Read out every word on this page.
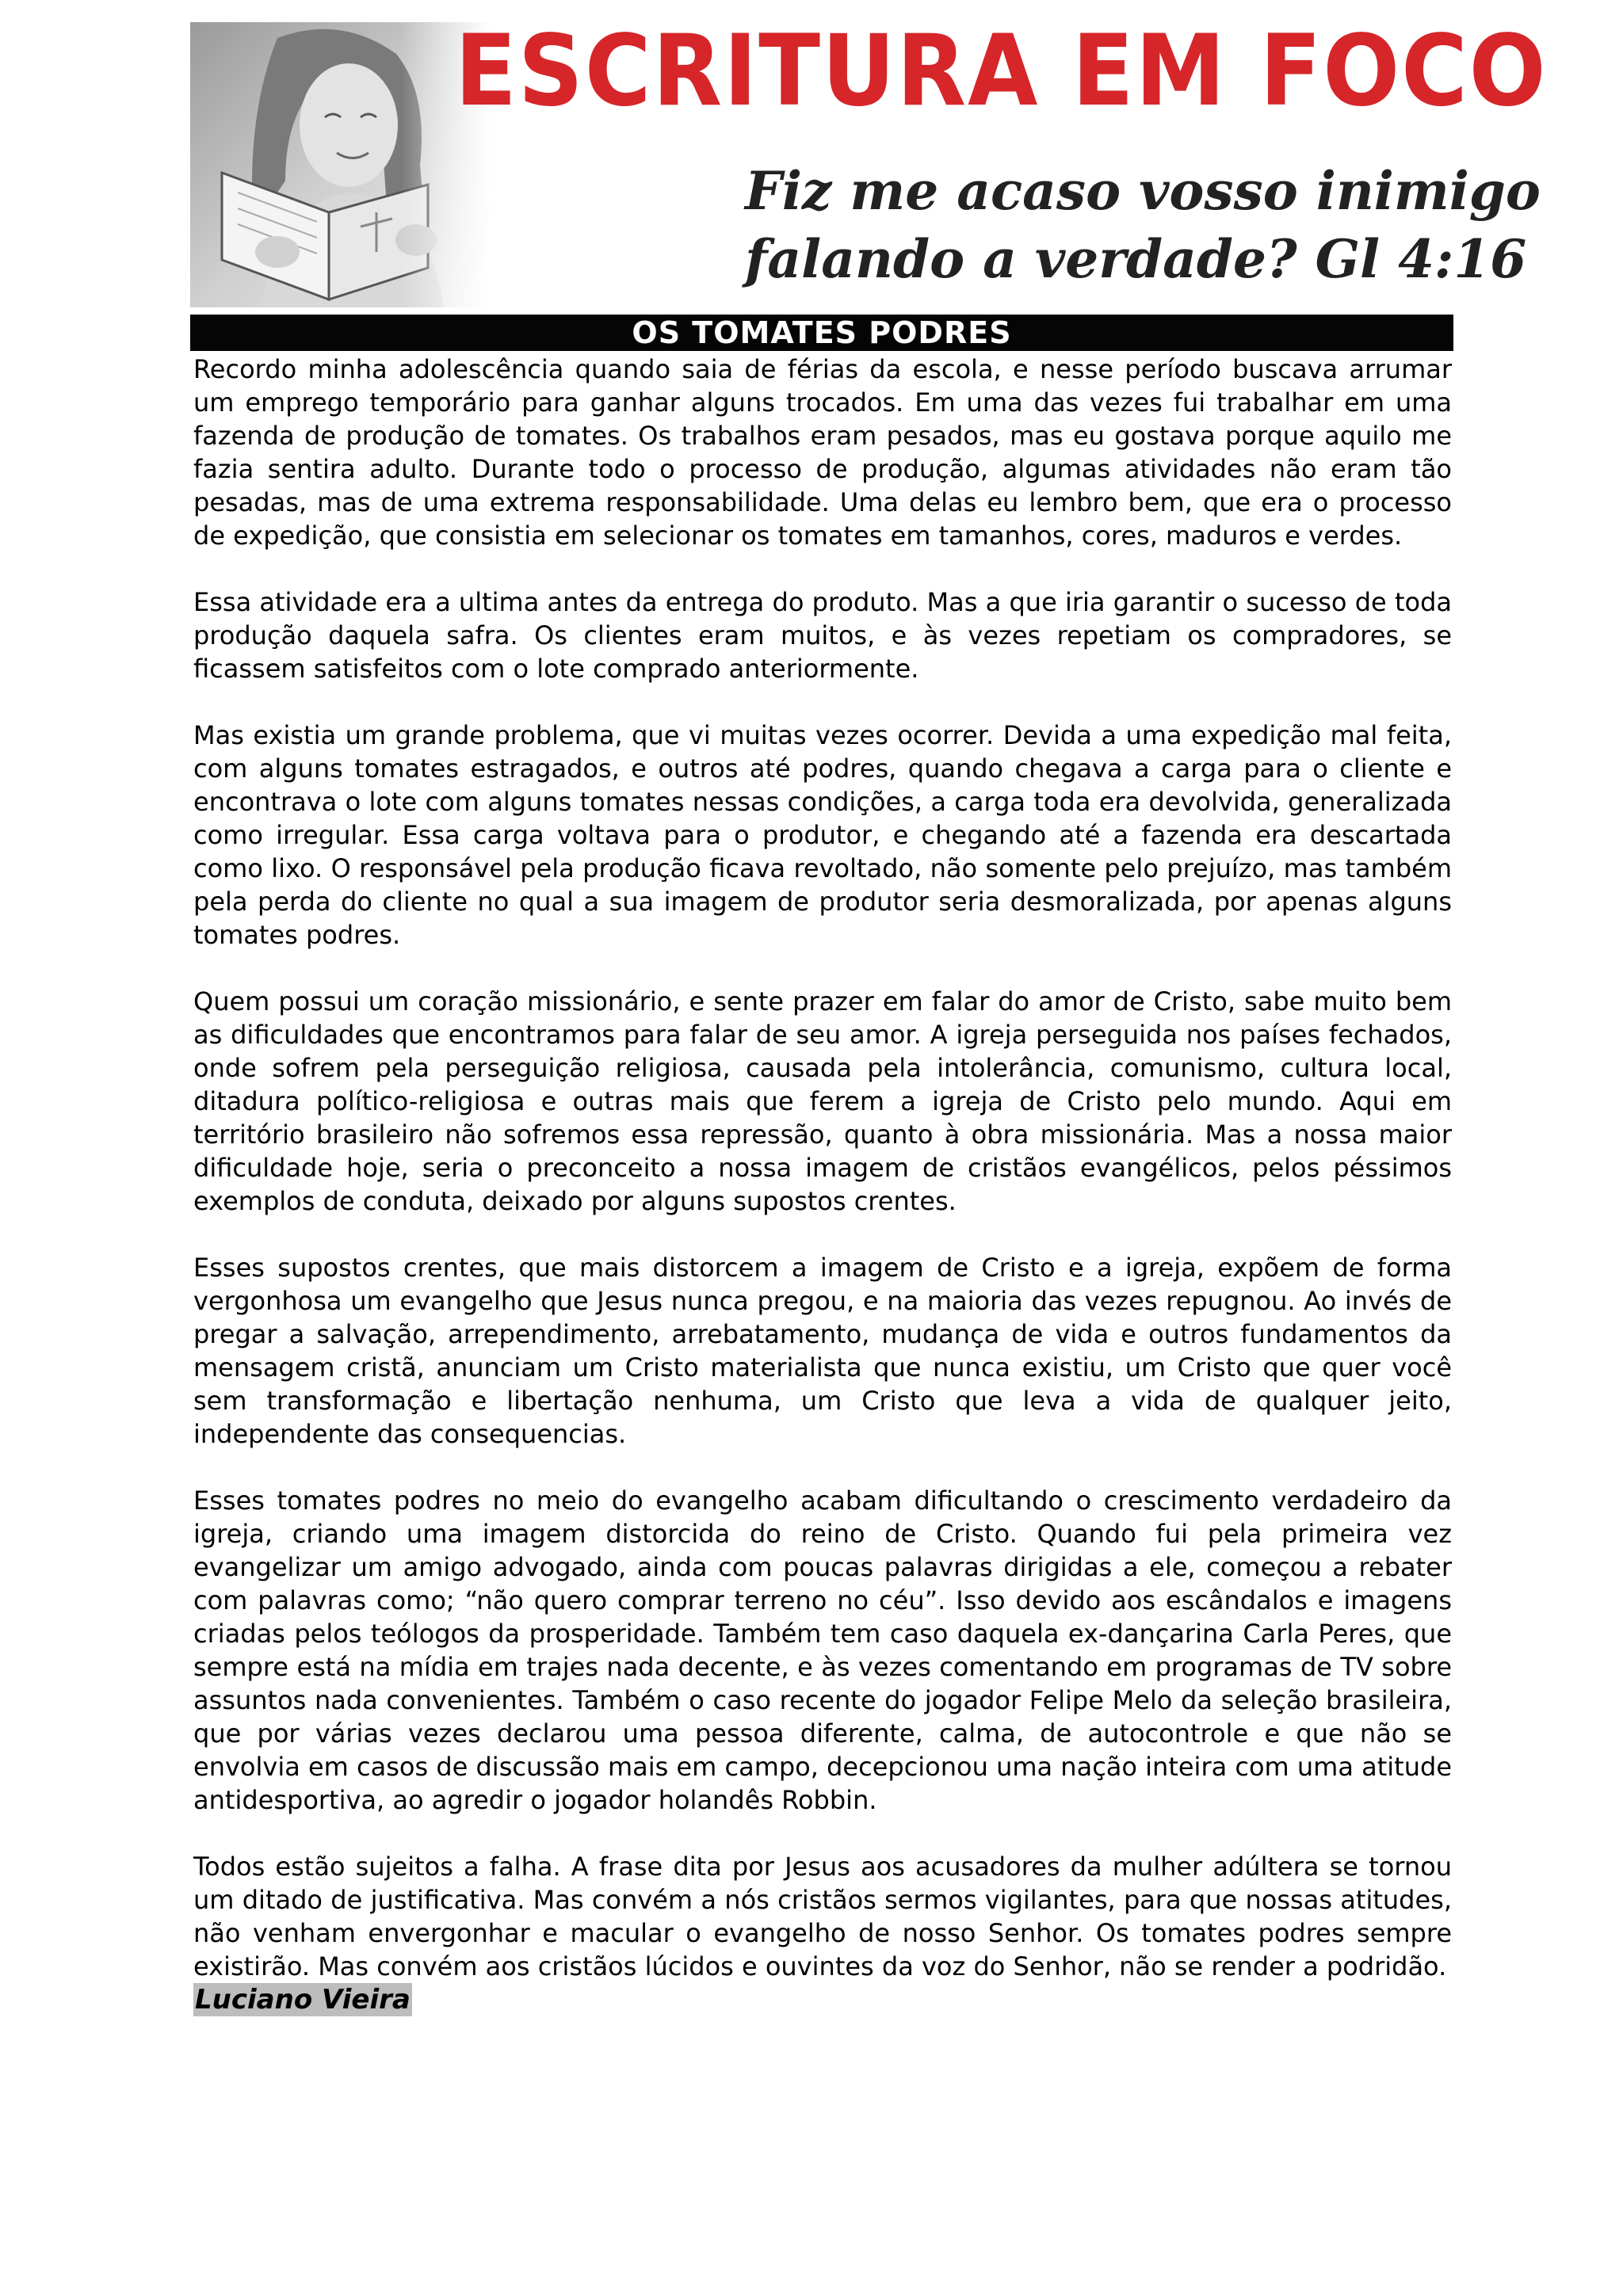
ESCRITURA EM FOCO
Fiz me acaso vosso inimigo
falando a verdade? Gl 4:16
OS TOMATES PODRES

Recordo minha adolescência quando saia de férias da escola, e nesse período buscava arrumar um emprego temporário para ganhar alguns trocados. Em uma das vezes fui trabalhar em uma fazenda de produção de tomates. Os trabalhos eram pesados, mas eu gostava porque aquilo me fazia sentira adulto. Durante todo o processo de produção, algumas atividades não eram tão pesadas, mas de uma extrema responsabilidade. Uma delas eu lembro bem, que era o processo de expedição, que consistia em selecionar os tomates em tamanhos, cores, maduros e verdes.

Essa atividade era a ultima antes da entrega do produto. Mas a que iria garantir o sucesso de toda produção daquela safra. Os clientes eram muitos, e às vezes repetiam os compradores, se ficassem satisfeitos com o lote comprado anteriormente.

Mas existia um grande problema, que vi muitas vezes ocorrer. Devida a uma expedição mal feita, com alguns tomates estragados, e outros até podres, quando chegava a carga para o cliente e encontrava o lote com alguns tomates nessas condições, a carga toda era devolvida, generalizada como irregular. Essa carga voltava para o produtor, e chegando até a fazenda era descartada como lixo. O responsável pela produção ficava revoltado, não somente pelo prejuízo, mas também pela perda do cliente no qual a sua imagem de produtor seria desmoralizada, por apenas alguns tomates podres.

Quem possui um coração missionário, e sente prazer em falar do amor de Cristo, sabe muito bem as dificuldades que encontramos para falar de seu amor. A igreja perseguida nos países fechados, onde sofrem pela perseguição religiosa, causada pela intolerância, comunismo, cultura local, ditadura político-religiosa e outras mais que ferem a igreja de Cristo pelo mundo. Aqui em território brasileiro não sofremos essa repressão, quanto à obra missionária. Mas a nossa maior dificuldade hoje, seria o preconceito a nossa imagem de cristãos evangélicos, pelos péssimos exemplos de conduta, deixado por alguns supostos crentes.

Esses supostos crentes, que mais distorcem a imagem de Cristo e a igreja, expõem de forma vergonhosa um evangelho que Jesus nunca pregou, e na maioria das vezes repugnou. Ao invés de pregar a salvação, arrependimento, arrebatamento, mudança de vida e outros fundamentos da mensagem cristã, anunciam um Cristo materialista que nunca existiu, um Cristo que quer você sem transformação e libertação nenhuma, um Cristo que leva a vida de qualquer jeito, independente das consequencias.

Esses tomates podres no meio do evangelho acabam dificultando o crescimento verdadeiro da igreja, criando uma imagem distorcida do reino de Cristo. Quando fui pela primeira vez evangelizar um amigo advogado, ainda com poucas palavras dirigidas a ele, começou a rebater com palavras como; “não quero comprar terreno no céu”. Isso devido aos escândalos e imagens criadas pelos teólogos da prosperidade. Também tem caso daquela ex-dançarina Carla Peres, que sempre está na mídia em trajes nada decente, e às vezes comentando em programas de TV sobre assuntos nada convenientes. Também o caso recente do jogador Felipe Melo da seleção brasileira, que por várias vezes declarou uma pessoa diferente, calma, de autocontrole e que não se envolvia em casos de discussão mais em campo, decepcionou uma nação inteira com uma atitude antidesportiva, ao agredir o jogador holandês Robbin.

Todos estão sujeitos a falha. A frase dita por Jesus aos acusadores da mulher adúltera se tornou um ditado de justificativa. Mas convém a nós cristãos sermos vigilantes, para que nossas atitudes, não venham envergonhar e macular o evangelho de nosso Senhor. Os tomates podres sempre existirão. Mas convém aos cristãos lúcidos e ouvintes da voz do Senhor, não se render a podridão.

Luciano Vieira
